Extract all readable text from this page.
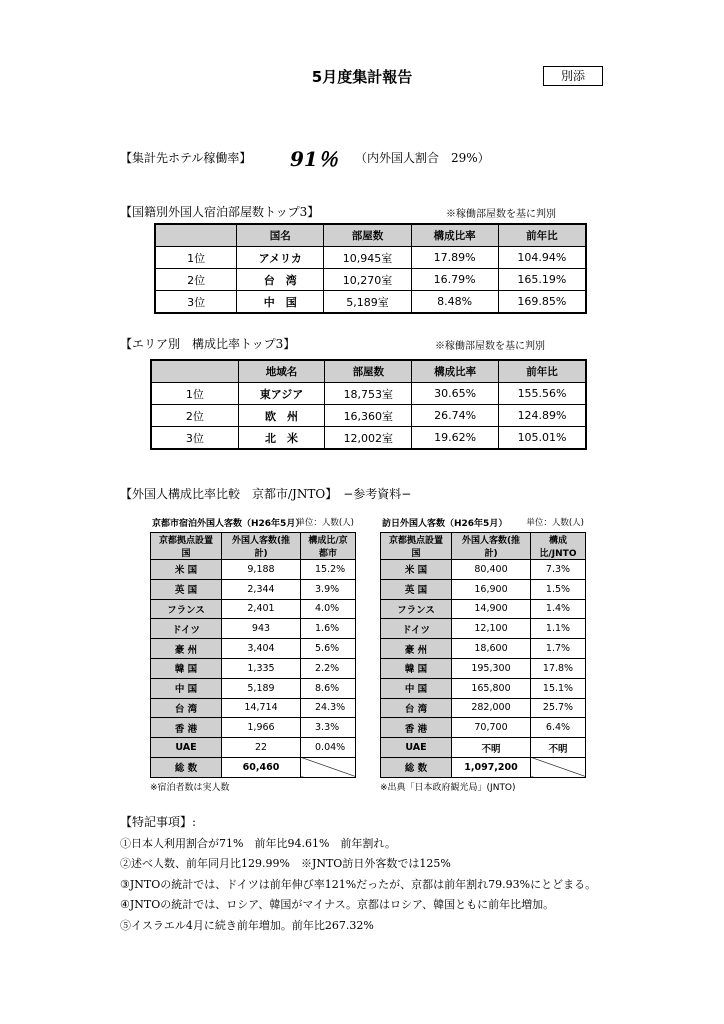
5月度集計報告	別添
【集計先ホテル稼働率】 91％ （内外国人割合　29%）
【国籍別外国人宿泊部屋数トップ3】	※稼働部屋数を基に判別
	国名	部屋数	構成比率	前年比
1位	アメリカ	10,945室	17.89%	104.94%
2位	台　湾	10,270室	16.79%	165.19%
3位	中　国	5,189室	8.48%	169.85%
【エリア別　構成比率トップ3】	※稼働部屋数を基に判別
	地域名	部屋数	構成比率	前年比
1位	東アジア	18,753室	30.65%	155.56%
2位	欧　州	16,360室	26.74%	124.89%
3位	北　米	12,002室	19.62%	105.01%
【外国人構成比率比較　京都市/JNTO】　−参考資料−
京都市宿泊外国人客数（H26年5月）
単位：人数(人)
京都拠点設置国	外国人客数(推計)	構成比/京都市
米 国	9,188	15.2%
英 国	2,344	3.9%
フランス	2,401	4.0%
ドイツ	943	1.6%
豪 州	3,404	5.6%
韓 国	1,335	2.2%
中 国	5,189	8.6%
台 湾	14,714	24.3%
香 港	1,966	3.3%
UAE	22	0.04%
総 数	60,460	
※宿泊者数は実人数
訪日外国人客数（H26年5月） 単位：人数(人)
京都拠点設置国	外国人客数(推計)	構成比/JNTO
米 国	80,400	7.3%
英 国	16,900	1.5%
フランス	14,900	1.4%
ドイツ	12,100	1.1%
豪 州	18,600	1.7%
韓 国	195,300	17.8%
中 国	165,800	15.1%
台 湾	282,000	25.7%
香 港	70,700	6.4%
UAE	不明	不明
総 数	1,097,200	
※出典「日本政府観光局」(JNTO)
【特記事項】:
①日本人利用割合が71%　前年比94.61%　前年割れ。
②述べ人数、前年同月比129.99%　※JNTO訪日外客数では125%
③JNTOの統計では、ドイツは前年伸び率121%だったが、京都は前年割れ79.93%にとどまる。
④JNTOの統計では、ロシア、韓国がマイナス。京都はロシア、韓国ともに前年比増加。
⑤イスラエル4月に続き前年増加。前年比267.32%
